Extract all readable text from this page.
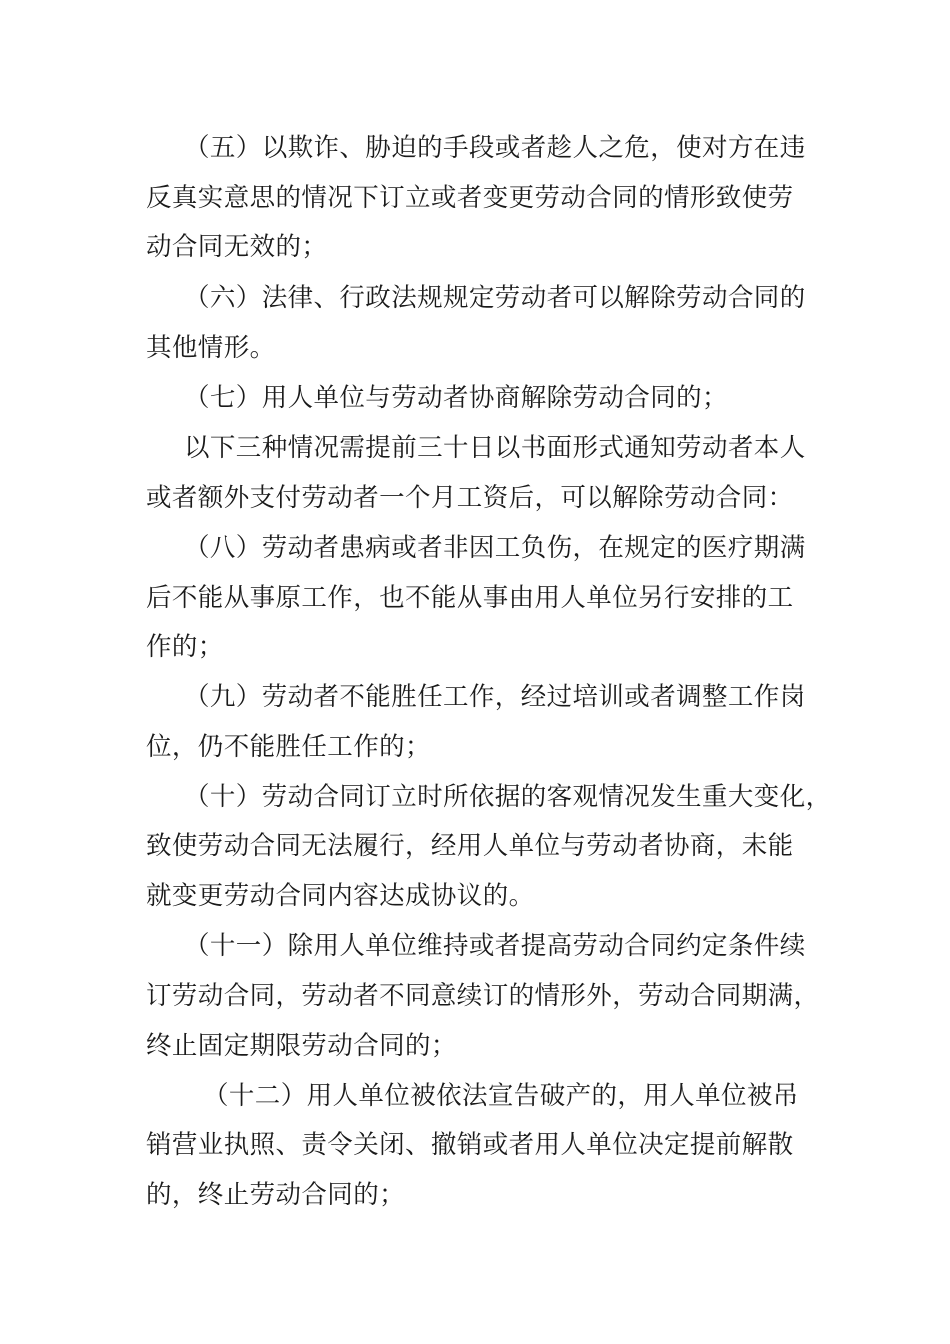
（五）以欺诈、胁迫的手段或者趁人之危，使对方在违
反真实意思的情况下订立或者变更劳动合同的情形致使劳
动合同无效的；
（六）法律、行政法规规定劳动者可以解除劳动合同的
其他情形。
（七）用人单位与劳动者协商解除劳动合同的；
以下三种情况需提前三十日以书面形式通知劳动者本人
或者额外支付劳动者一个月工资后，可以解除劳动合同：
（八）劳动者患病或者非因工负伤，在规定的医疗期满
后不能从事原工作，也不能从事由用人单位另行安排的工
作的；
（九）劳动者不能胜任工作，经过培训或者调整工作岗
位，仍不能胜任工作的；
（十）劳动合同订立时所依据的客观情况发生重大变化，
致使劳动合同无法履行，经用人单位与劳动者协商，未能
就变更劳动合同内容达成协议的。
（十一）除用人单位维持或者提高劳动合同约定条件续
订劳动合同，劳动者不同意续订的情形外，劳动合同期满，
终止固定期限劳动合同的；
（十二）用人单位被依法宣告破产的，用人单位被吊
销营业执照、责令关闭、撤销或者用人单位决定提前解散
的，终止劳动合同的；
